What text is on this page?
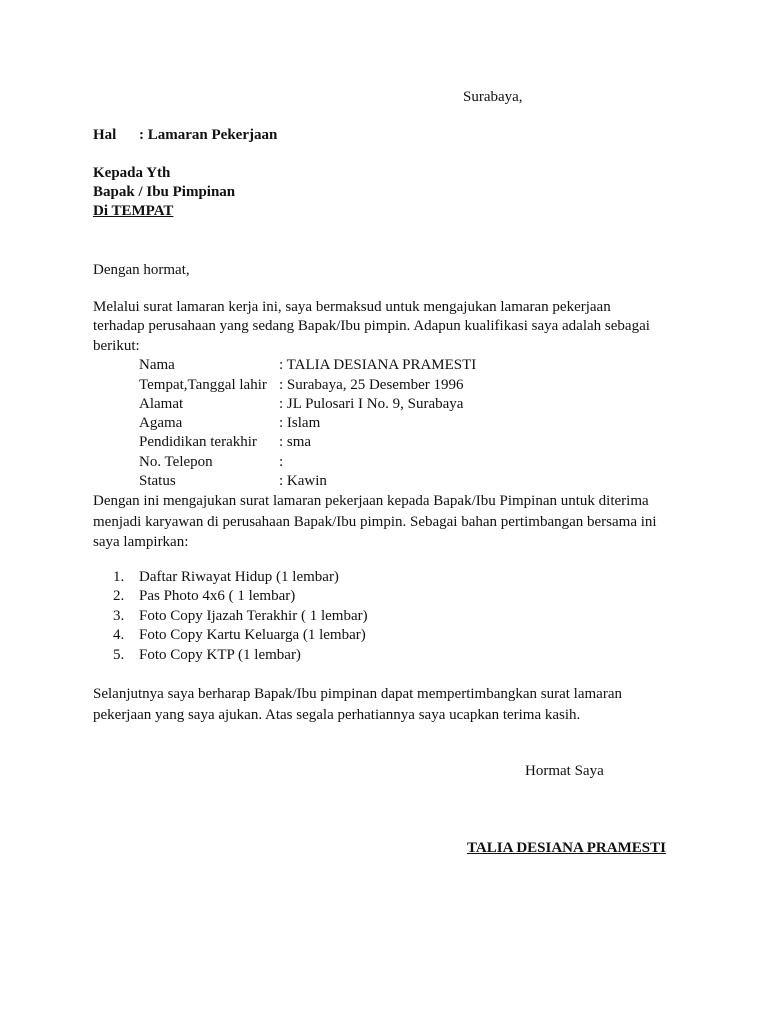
Surabaya,
Hal : Lamaran Pekerjaan
Kepada Yth
Bapak / Ibu Pimpinan
Di TEMPAT
Dengan hormat,
Melalui surat lamaran kerja ini, saya bermaksud untuk mengajukan lamaran pekerjaan
terhadap perusahaan yang sedang Bapak/Ibu pimpin. Adapun kualifikasi saya adalah sebagai
berikut:
Nama	: TALIA DESIANA PRAMESTI
Tempat,Tanggal lahir : Surabaya, 25 Desember 1996
Alamat	: JL Pulosari I No. 9, Surabaya
Agama	: Islam
Pendidikan terakhir : sma
No. Telepon	:
Status	: Kawin
Dengan ini mengajukan surat lamaran pekerjaan kepada Bapak/Ibu Pimpinan untuk diterima
menjadi karyawan di perusahaan Bapak/Ibu pimpin. Sebagai bahan pertimbangan bersama ini
saya lampirkan:
1. Daftar Riwayat Hidup (1 lembar)
2. Pas Photo 4x6 ( 1 lembar)
3. Foto Copy Ijazah Terakhir ( 1 lembar)
4. Foto Copy Kartu Keluarga (1 lembar)
5. Foto Copy KTP (1 lembar)
Selanjutnya saya berharap Bapak/Ibu pimpinan dapat mempertimbangkan surat lamaran
pekerjaan yang saya ajukan. Atas segala perhatiannya saya ucapkan terima kasih.
Hormat Saya
TALIA DESIANA PRAMESTI
